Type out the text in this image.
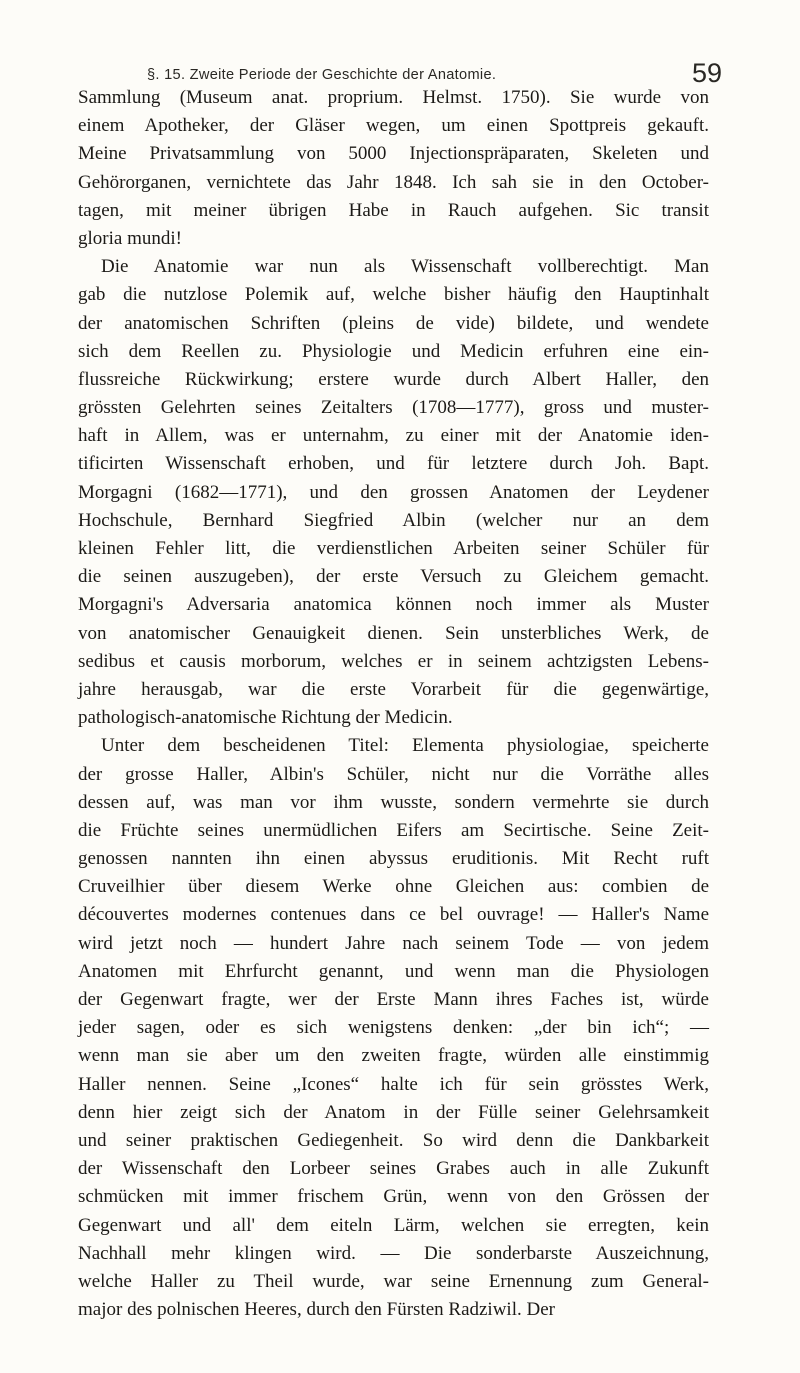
§. 15. Zweite Periode der Geschichte der Anatomie.	59
Sammlung (Museum anat. proprium. Helmst. 1750). Sie wurde von
einem Apotheker, der Gläser wegen, um einen Spottpreis gekauft.
Meine Privatsammlung von 5000 Injectionspräparaten, Skeleten und
Gehörorganen, vernichtete das Jahr 1848. Ich sah sie in den October-
tagen, mit meiner übrigen Habe in Rauch aufgehen. Sic transit
gloria mundi!
Die Anatomie war nun als Wissenschaft vollberechtigt. Man
gab die nutzlose Polemik auf, welche bisher häufig den Hauptinhalt
der anatomischen Schriften (pleins de vide) bildete, und wendete
sich dem Reellen zu. Physiologie und Medicin erfuhren eine ein-
flussreiche Rückwirkung; erstere wurde durch Albert Haller, den
grössten Gelehrten seines Zeitalters (1708—1777), gross und muster-
haft in Allem, was er unternahm, zu einer mit der Anatomie iden-
tificirten Wissenschaft erhoben, und für letztere durch Joh. Bapt.
Morgagni (1682—1771), und den grossen Anatomen der Leydener
Hochschule, Bernhard Siegfried Albin (welcher nur an dem
kleinen Fehler litt, die verdienstlichen Arbeiten seiner Schüler für
die seinen auszugeben), der erste Versuch zu Gleichem gemacht.
Morgagni's Adversaria anatomica können noch immer als Muster
von anatomischer Genauigkeit dienen. Sein unsterbliches Werk, de
sedibus et causis morborum, welches er in seinem achtzigsten Lebens-
jahre herausgab, war die erste Vorarbeit für die gegenwärtige,
pathologisch-anatomische Richtung der Medicin.
Unter dem bescheidenen Titel: Elementa physiologiae, speicherte
der grosse Haller, Albin's Schüler, nicht nur die Vorräthe alles
dessen auf, was man vor ihm wusste, sondern vermehrte sie durch
die Früchte seines unermüdlichen Eifers am Secirtische. Seine Zeit-
genossen nannten ihn einen abyssus eruditionis. Mit Recht ruft
Cruveilhier über diesem Werke ohne Gleichen aus: combien de
découvertes modernes contenues dans ce bel ouvrage! — Haller's Name
wird jetzt noch — hundert Jahre nach seinem Tode — von jedem
Anatomen mit Ehrfurcht genannt, und wenn man die Physiologen
der Gegenwart fragte, wer der Erste Mann ihres Faches ist, würde
jeder sagen, oder es sich wenigstens denken: „der bin ich“; —
wenn man sie aber um den zweiten fragte, würden alle einstimmig
Haller nennen. Seine „Icones“ halte ich für sein grösstes Werk,
denn hier zeigt sich der Anatom in der Fülle seiner Gelehrsamkeit
und seiner praktischen Gediegenheit. So wird denn die Dankbarkeit
der Wissenschaft den Lorbeer seines Grabes auch in alle Zukunft
schmücken mit immer frischem Grün, wenn von den Grössen der
Gegenwart und all' dem eiteln Lärm, welchen sie erregten, kein
Nachhall mehr klingen wird. — Die sonderbarste Auszeichnung,
welche Haller zu Theil wurde, war seine Ernennung zum General-
major des polnischen Heeres, durch den Fürsten Radziwil. Der
